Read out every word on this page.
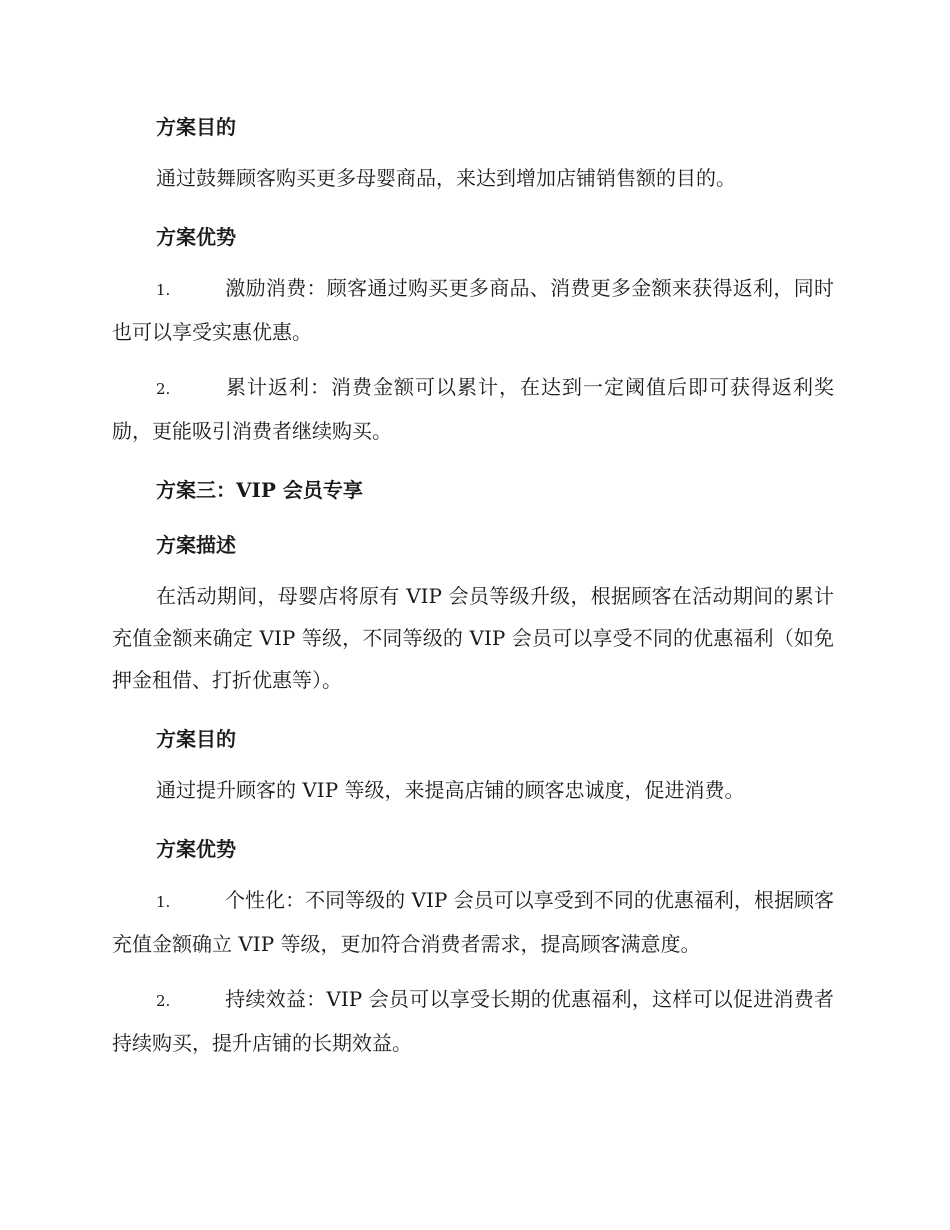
方案目的

通过鼓舞顾客购买更多母婴商品，来达到增加店铺销售额的目的。

方案优势

1.	激励消费：顾客通过购买更多商品、消费更多金额来获得返利，同时也可以享受实惠优惠。

2.	累计返利：消费金额可以累计，在达到一定阈值后即可获得返利奖励，更能吸引消费者继续购买。

方案三：VIP 会员专享
方案描述

在活动期间，母婴店将原有 VIP 会员等级升级，根据顾客在活动期间的累计充值金额来确定 VIP 等级，不同等级的 VIP 会员可以享受不同的优惠福利（如免押金租借、打折优惠等）。

方案目的

通过提升顾客的 VIP 等级，来提高店铺的顾客忠诚度，促进消费。

方案优势

1.	个性化：不同等级的 VIP 会员可以享受到不同的优惠福利，根据顾客充值金额确立 VIP 等级，更加符合消费者需求，提高顾客满意度。

2.	持续效益：VIP 会员可以享受长期的优惠福利，这样可以促进消费者持续购买，提升店铺的长期效益。
